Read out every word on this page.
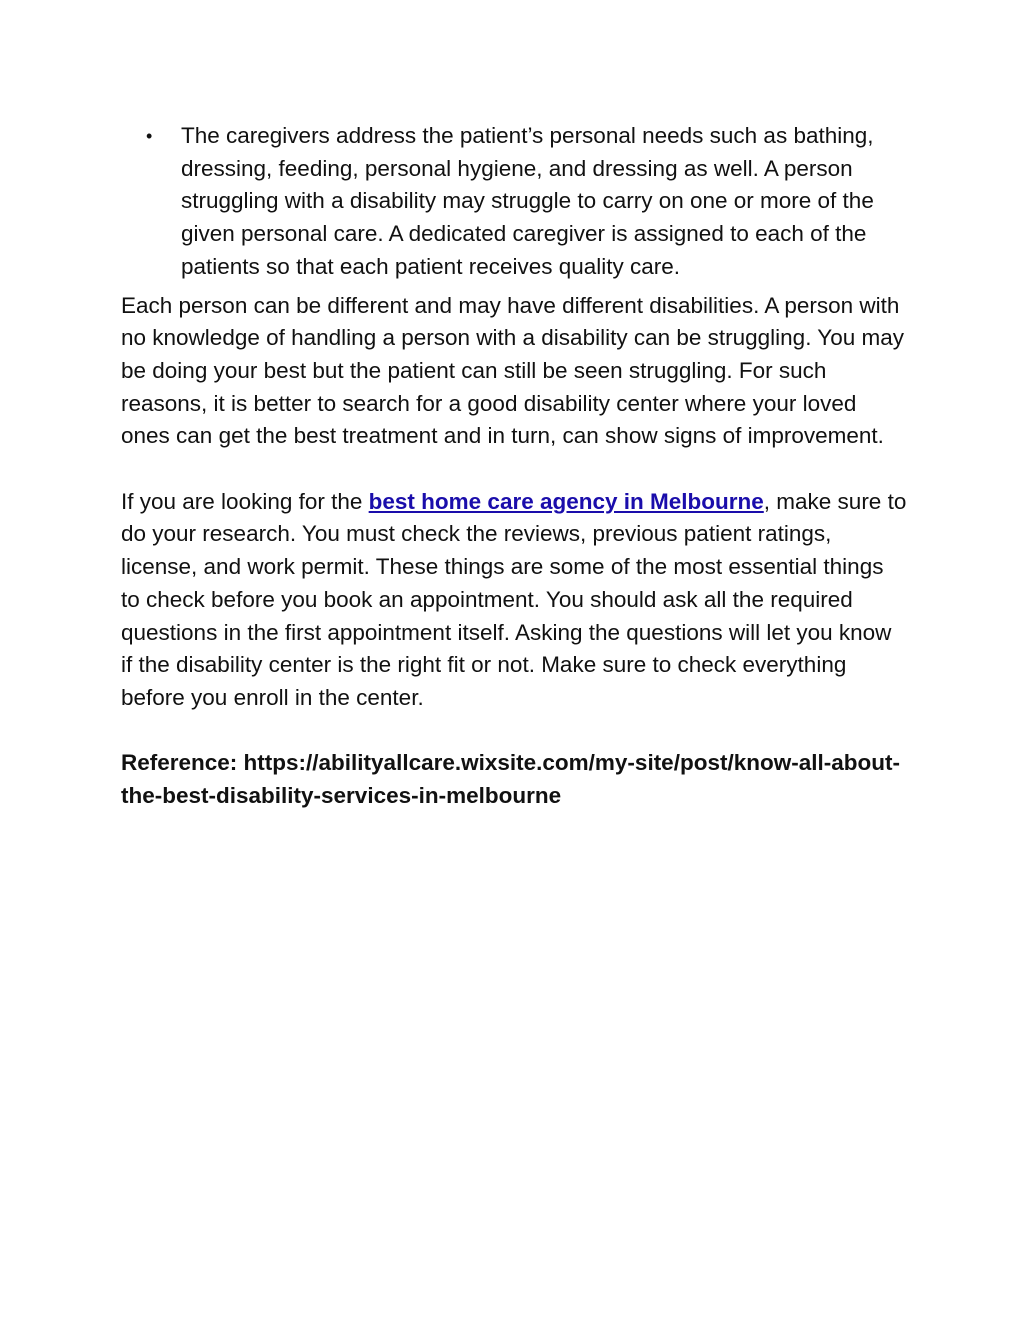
• The caregivers address the patient’s personal needs such as bathing, dressing, feeding, personal hygiene, and dressing as well. A person struggling with a disability may struggle to carry on one or more of the given personal care. A dedicated caregiver is assigned to each of the patients so that each patient receives quality care.

Each person can be different and may have different disabilities. A person with no knowledge of handling a person with a disability can be struggling. You may be doing your best but the patient can still be seen struggling. For such reasons, it is better to search for a good disability center where your loved ones can get the best treatment and in turn, can show signs of improvement.

If you are looking for the best home care agency in Melbourne, make sure to do your research. You must check the reviews, previous patient ratings, license, and work permit. These things are some of the most essential things to check before you book an appointment. You should ask all the required questions in the first appointment itself. Asking the questions will let you know if the disability center is the right fit or not. Make sure to check everything before you enroll in the center.

Reference: https://abilityallcare.wixsite.com/my-site/post/know-all-about-the-best-disability-services-in-melbourne
